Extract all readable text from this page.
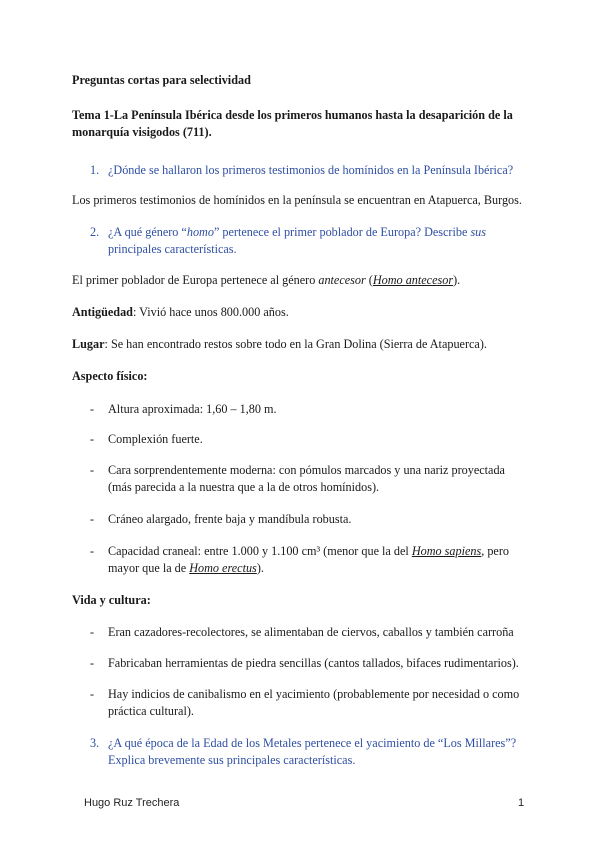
Preguntas cortas para selectividad

Tema 1-La Península Ibérica desde los primeros humanos hasta la desaparición de la monarquía visigodos (711).

1. ¿Dónde se hallaron los primeros testimonios de homínidos en la Península Ibérica?

Los primeros testimonios de homínidos en la península se encuentran en Atapuerca, Burgos.

2. ¿A qué género “homo” pertenece el primer poblador de Europa? Describe sus principales características.

El primer poblador de Europa pertenece al género antecesor (Homo antecesor).

Antigüedad: Vivió hace unos 800.000 años.

Lugar: Se han encontrado restos sobre todo en la Gran Dolina (Sierra de Atapuerca).

Aspecto físico:

- Altura aproximada: 1,60 – 1,80 m.

- Complexión fuerte.

- Cara sorprendentemente moderna: con pómulos marcados y una nariz proyectada (más parecida a la nuestra que a la de otros homínidos).

- Cráneo alargado, frente baja y mandíbula robusta.

- Capacidad craneal: entre 1.000 y 1.100 cm³ (menor que la del Homo sapiens, pero mayor que la de Homo erectus).

Vida y cultura:

- Eran cazadores-recolectores, se alimentaban de ciervos, caballos y también carroña

- Fabricaban herramientas de piedra sencillas (cantos tallados, bifaces rudimentarios).

- Hay indicios de canibalismo en el yacimiento (probablemente por necesidad o como práctica cultural).

3. ¿A qué época de la Edad de los Metales pertenece el yacimiento de “Los Millares”? Explica brevemente sus principales características.

Hugo Ruz Trechera	1
